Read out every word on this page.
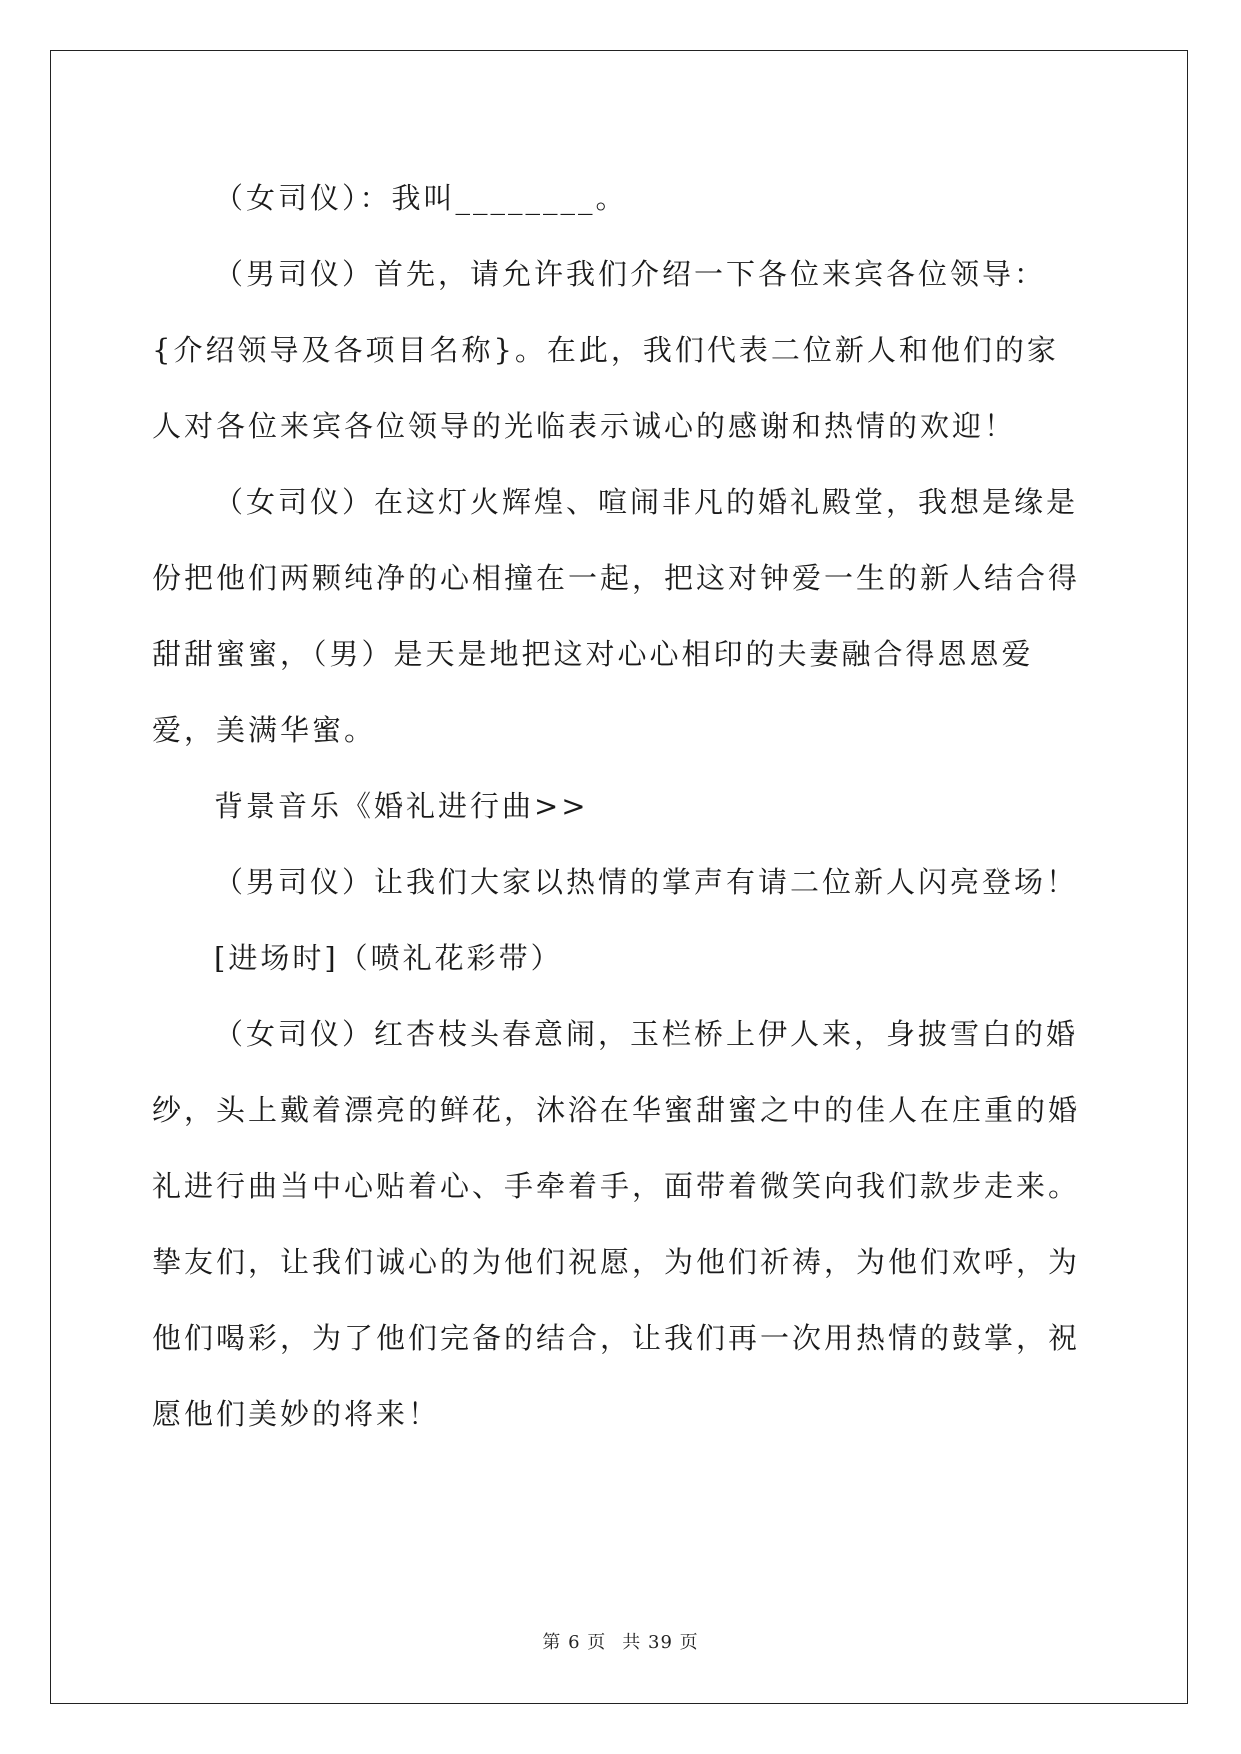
（女司仪）：我叫________。

（男司仪）首先，请允许我们介绍一下各位来宾各位领导：{介绍领导及各项目名称}。在此，我们代表二位新人和他们的家人对各位来宾各位领导的光临表示诚心的感谢和热情的欢迎！

（女司仪）在这灯火辉煌、喧闹非凡的婚礼殿堂，我想是缘是份把他们两颗纯净的心相撞在一起，把这对钟爱一生的新人结合得甜甜蜜蜜，（男）是天是地把这对心心相印的夫妻融合得恩恩爱爱，美满华蜜。

背景音乐《婚礼进行曲>>

（男司仪）让我们大家以热情的掌声有请二位新人闪亮登场！

[进场时]（喷礼花彩带）

（女司仪）红杏枝头春意闹，玉栏桥上伊人来，身披雪白的婚纱，头上戴着漂亮的鲜花，沐浴在华蜜甜蜜之中的佳人在庄重的婚礼进行曲当中心贴着心、手牵着手，面带着微笑向我们款步走来。挚友们，让我们诚心的为他们祝愿，为他们祈祷，为他们欢呼，为他们喝彩，为了他们完备的结合，让我们再一次用热情的鼓掌，祝愿他们美妙的将来！

第 6 页 共 39 页
